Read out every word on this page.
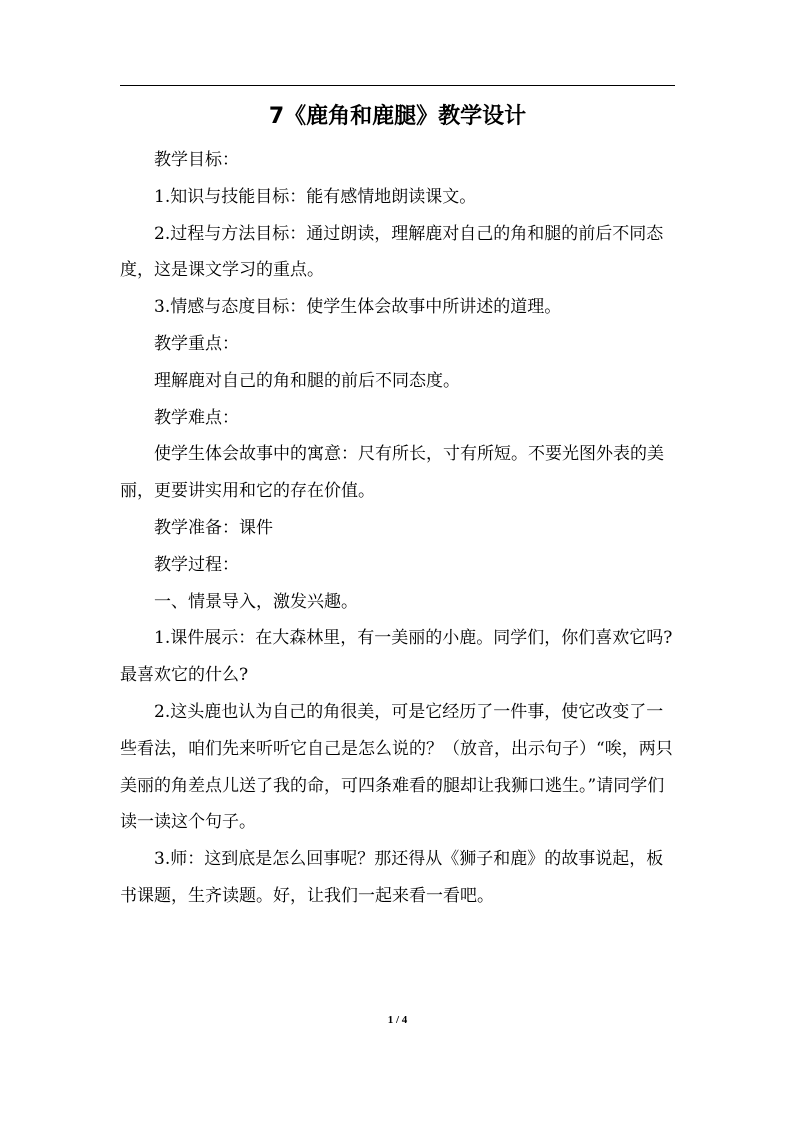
7《鹿角和鹿腿》教学设计

教学目标：

1.知识与技能目标：能有感情地朗读课文。

2.过程与方法目标：通过朗读，理解鹿对自己的角和腿的前后不同态度，这是课文学习的重点。

3.情感与态度目标：使学生体会故事中所讲述的道理。

教学重点：

理解鹿对自己的角和腿的前后不同态度。

教学难点：

使学生体会故事中的寓意：尺有所长，寸有所短。不要光图外表的美丽，更要讲实用和它的存在价值。

教学准备：课件

教学过程：

一、情景导入，激发兴趣。

1.课件展示：在大森林里，有一美丽的小鹿。同学们，你们喜欢它吗?最喜欢它的什么?

2.这头鹿也认为自己的角很美，可是它经历了一件事，使它改变了一些看法，咱们先来听听它自己是怎么说的？（放音，出示句子）“唉，两只美丽的角差点儿送了我的命，可四条难看的腿却让我狮口逃生。”请同学们读一读这个句子。

3.师：这到底是怎么回事呢？那还得从《狮子和鹿》的故事说起，板书课题，生齐读题。好，让我们一起来看一看吧。

1 / 4
